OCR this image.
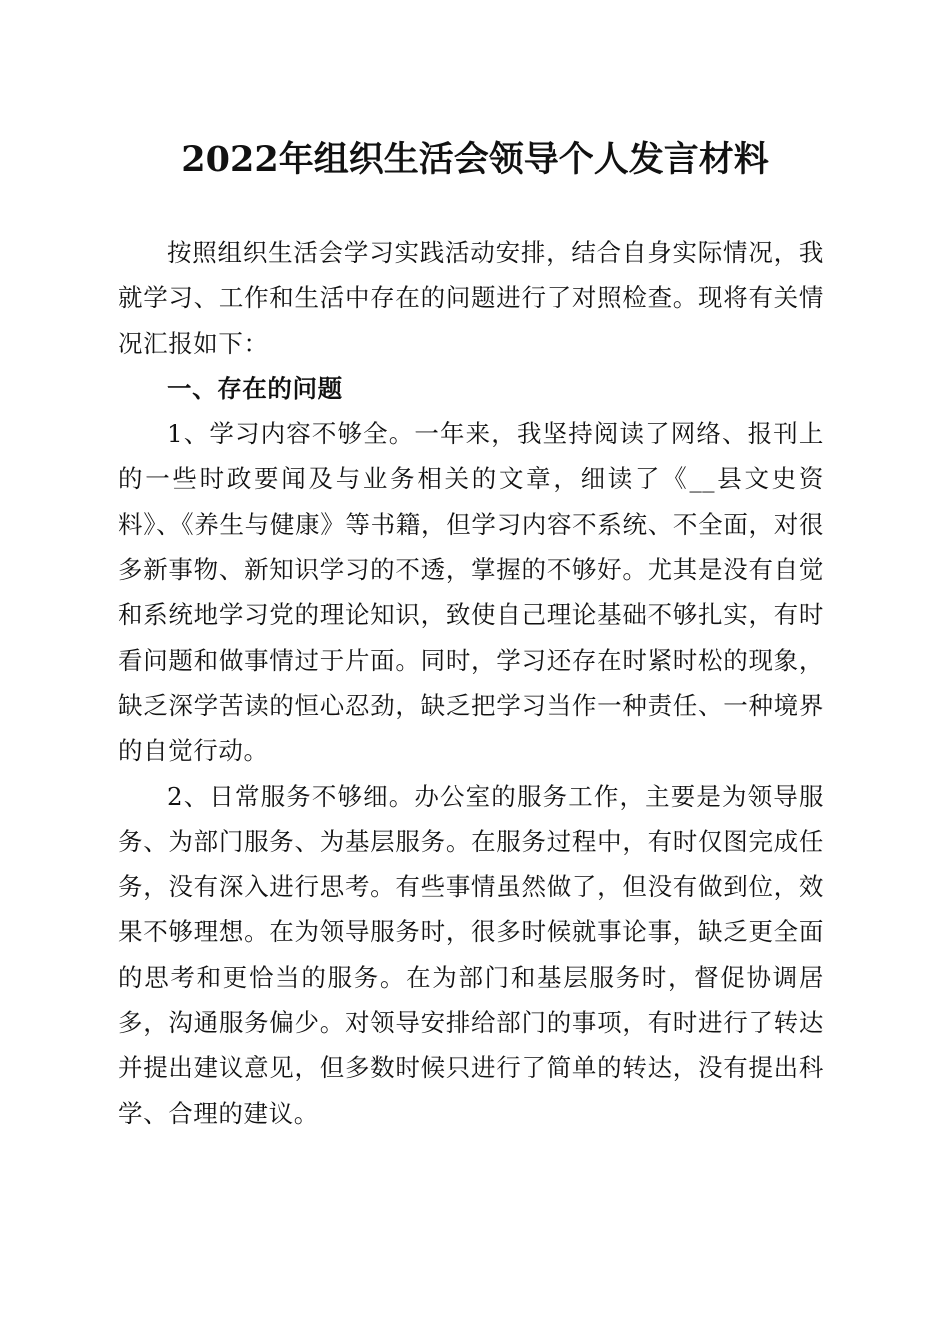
2022年组织生活会领导个人发言材料

按照组织生活会学习实践活动安排，结合自身实际情况，我就学习、工作和生活中存在的问题进行了对照检查。现将有关情况汇报如下：

一、存在的问题

1、学习内容不够全。一年来，我坚持阅读了网络、报刊上的一些时政要闻及与业务相关的文章，细读了《__县文史资料》、《养生与健康》等书籍，但学习内容不系统、不全面，对很多新事物、新知识学习的不透，掌握的不够好。尤其是没有自觉和系统地学习党的理论知识，致使自己理论基础不够扎实，有时看问题和做事情过于片面。同时，学习还存在时紧时松的现象，缺乏深学苦读的恒心忍劲，缺乏把学习当作一种责任、一种境界的自觉行动。

2、日常服务不够细。办公室的服务工作，主要是为领导服务、为部门服务、为基层服务。在服务过程中，有时仅图完成任务，没有深入进行思考。有些事情虽然做了，但没有做到位，效果不够理想。在为领导服务时，很多时候就事论事，缺乏更全面的思考和更恰当的服务。在为部门和基层服务时，督促协调居多，沟通服务偏少。对领导安排给部门的事项，有时进行了转达并提出建议意见，但多数时候只进行了简单的转达，没有提出科学、合理的建议。
